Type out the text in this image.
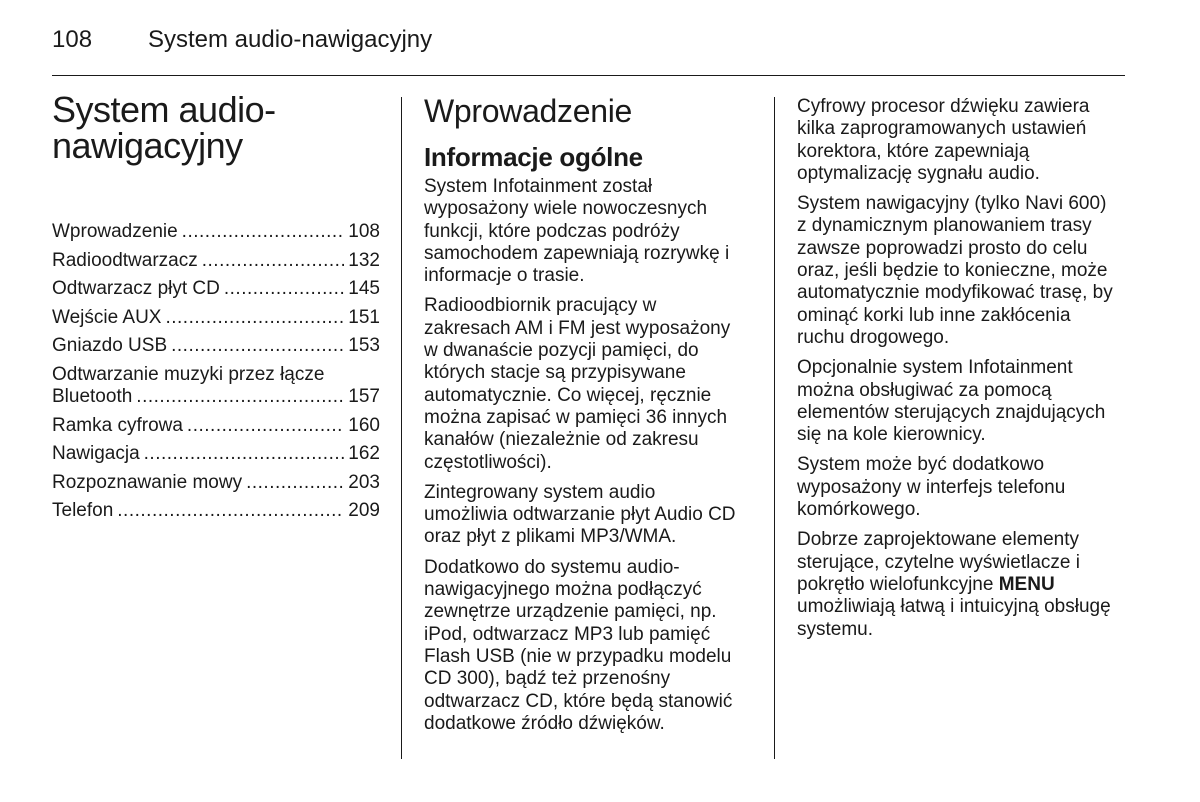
108 System audio-nawigacyjny
System audio-
nawigacyjny
Wprowadzenie .....	108
Radioodtwarzacz .....	132
Odtwarzacz płyt CD .....	145
Wejście AUX .....	151
Gniazdo USB .....	153
Odtwarzanie muzyki przez łącze
Bluetooth .....	157
Ramka cyfrowa .....	160
Nawigacja .....	162
Rozpoznawanie mowy .....	203
Telefon .....	209
Wprowadzenie
Informacje ogólne

System Infotainment został
wyposażony wiele nowoczesnych
funkcji, które podczas podróży
samochodem zapewniają rozrywkę i
informacje o trasie.

Radioodbiornik pracujący w
zakresach AM i FM jest wyposażony
w dwanaście pozycji pamięci, do
których stacje są przypisywane
automatycznie. Co więcej, ręcznie
można zapisać w pamięci 36 innych
kanałów (niezależnie od zakresu
częstotliwości).

Zintegrowany system audio
umożliwia odtwarzanie płyt Audio CD
oraz płyt z plikami MP3/WMA.

Dodatkowo do systemu audio-
nawigacyjnego można podłączyć
zewnętrze urządzenie pamięci, np.
iPod, odtwarzacz MP3 lub pamięć
Flash USB (nie w przypadku modelu
CD 300), bądź też przenośny
odtwarzacz CD, które będą stanowić
dodatkowe źródło dźwięków.

Cyfrowy procesor dźwięku zawiera
kilka zaprogramowanych ustawień
korektora, które zapewniają
optymalizację sygnału audio.

System nawigacyjny (tylko Navi 600)
z dynamicznym planowaniem trasy
zawsze poprowadzi prosto do celu
oraz, jeśli będzie to konieczne, może
automatycznie modyfikować trasę, by
ominąć korki lub inne zakłócenia
ruchu drogowego.

Opcjonalnie system Infotainment
można obsługiwać za pomocą
elementów sterujących znajdujących
się na kole kierownicy.

System może być dodatkowo
wyposażony w interfejs telefonu
komórkowego.

Dobrze zaprojektowane elementy
sterujące, czytelne wyświetlacze i
pokrętło wielofunkcyjne MENU
umożliwiają łatwą i intuicyjną obsługę
systemu.
